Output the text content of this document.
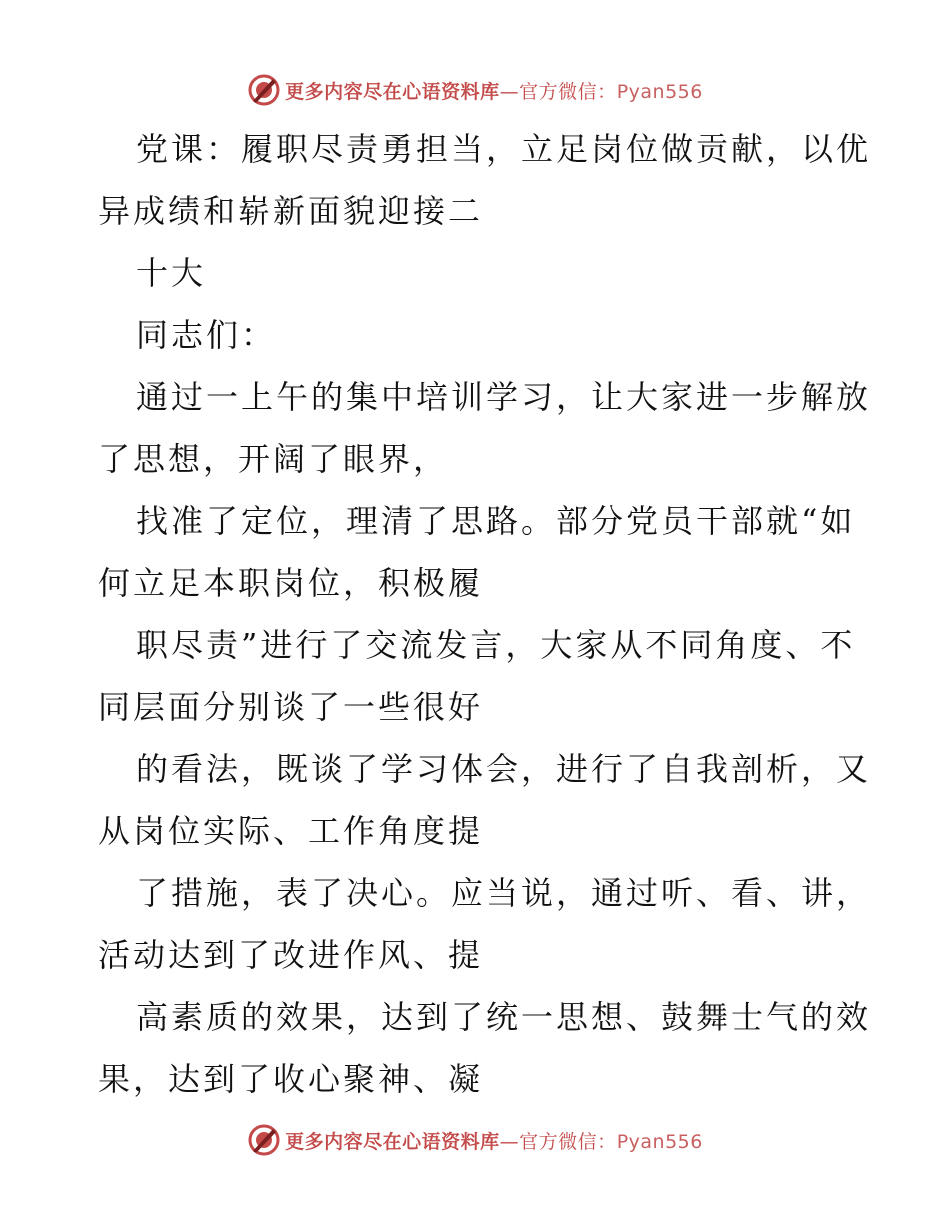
更多内容尽在心语资料库—官方微信：Pyan556
党课：履职尽责勇担当，立足岗位做贡献，以优
异成绩和崭新面貌迎接二
十大
同志们：
通过一上午的集中培训学习，让大家进一步解放
了思想，开阔了眼界，
找准了定位，理清了思路。部分党员干部就“如
何立足本职岗位，积极履
职尽责”进行了交流发言，大家从不同角度、不
同层面分别谈了一些很好
的看法，既谈了学习体会，进行了自我剖析，又
从岗位实际、工作角度提
了措施，表了决心。应当说，通过听、看、讲，
活动达到了改进作风、提
高素质的效果，达到了统一思想、鼓舞士气的效
果，达到了收心聚神、凝
更多内容尽在心语资料库—官方微信：Pyan556
